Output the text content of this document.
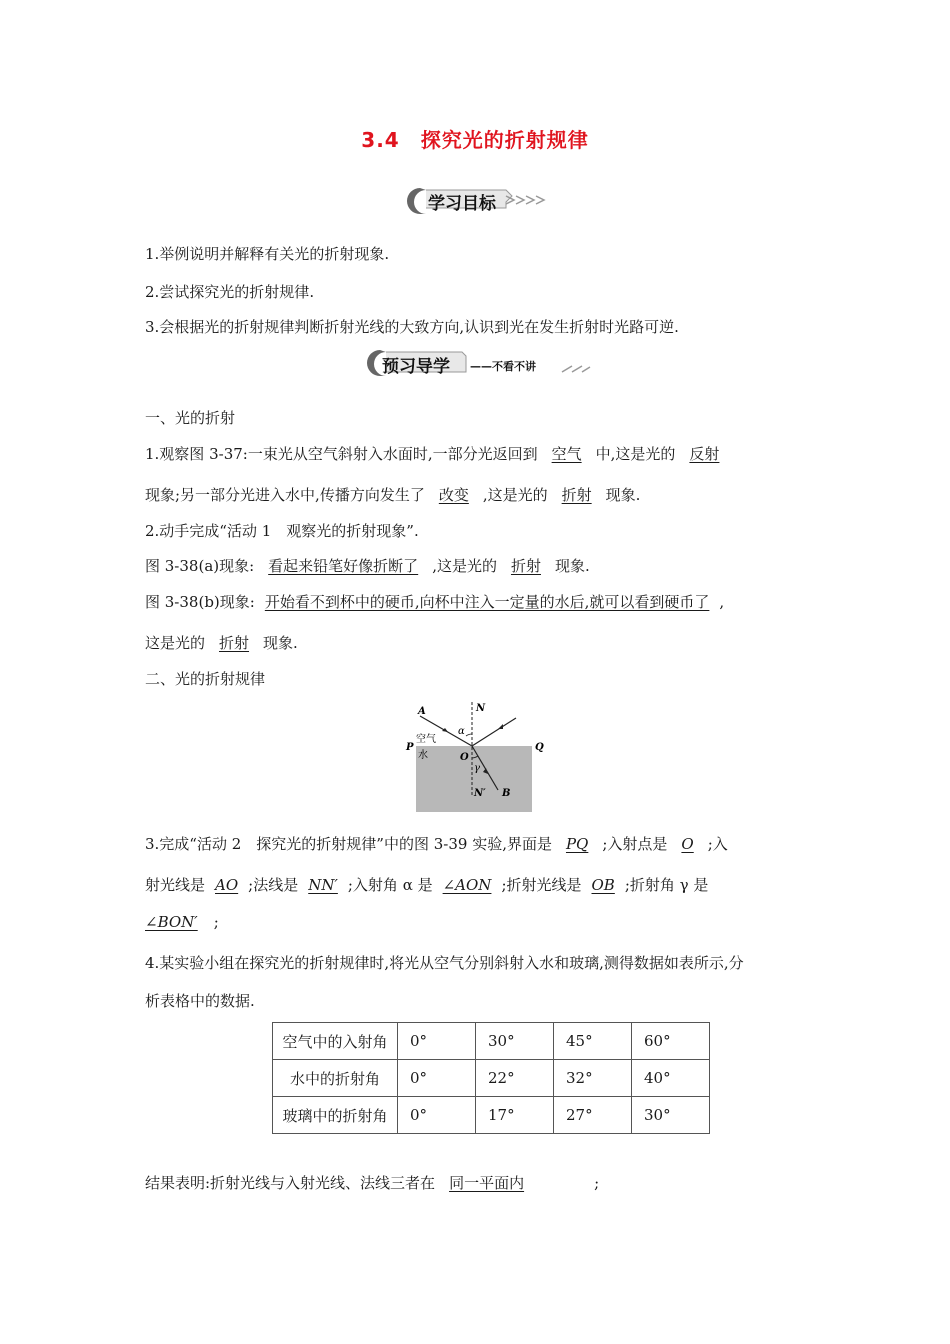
3.4　探究光的折射规律
学习目标
1.举例说明并解释有关光的折射现象.
2.尝试探究光的折射规律.
3.会根据光的折射规律判断折射光线的大致方向,认识到光在发生折射时光路可逆.
预习导学 ——不看不讲
一、光的折射
1.观察图 3-37:一束光从空气斜射入水面时,一部分光返回到 空气 中,这是光的 反射
现象;另一部分光进入水中,传播方向发生了 改变 ,这是光的 折射 现象.
2.动手完成“活动 1　观察光的折射现象”.
图 3-38(a)现象: 看起来铅笔好像折断了 ,这是光的 折射 现象.
图 3-38(b)现象: 开始看不到杯中的硬币,向杯中注入一定量的水后,就可以看到硬币了 ,
这是光的 折射 现象.
二、光的折射规律
A	N
P	Q
O
B
N′
空气
水
α
γ
3.完成“活动 2　探究光的折射规律”中的图 3-39 实验,界面是 PQ ;入射点是 O ;入
射光线是 AO ;法线是 NN′ ;入射角 α 是 ∠AON ;折射光线是 OB ;折射角 γ 是
∠BON′ ;
4.某实验小组在探究光的折射规律时,将光从空气分别斜射入水和玻璃,测得数据如表所示,分
析表格中的数据.
空气中的入射角	0°	30°	45°	60°
水中的折射角	0°	22°	32°	40°
玻璃中的折射角	0°	17°	27°	30°
结果表明:折射光线与入射光线、法线三者在 同一平面内	;
